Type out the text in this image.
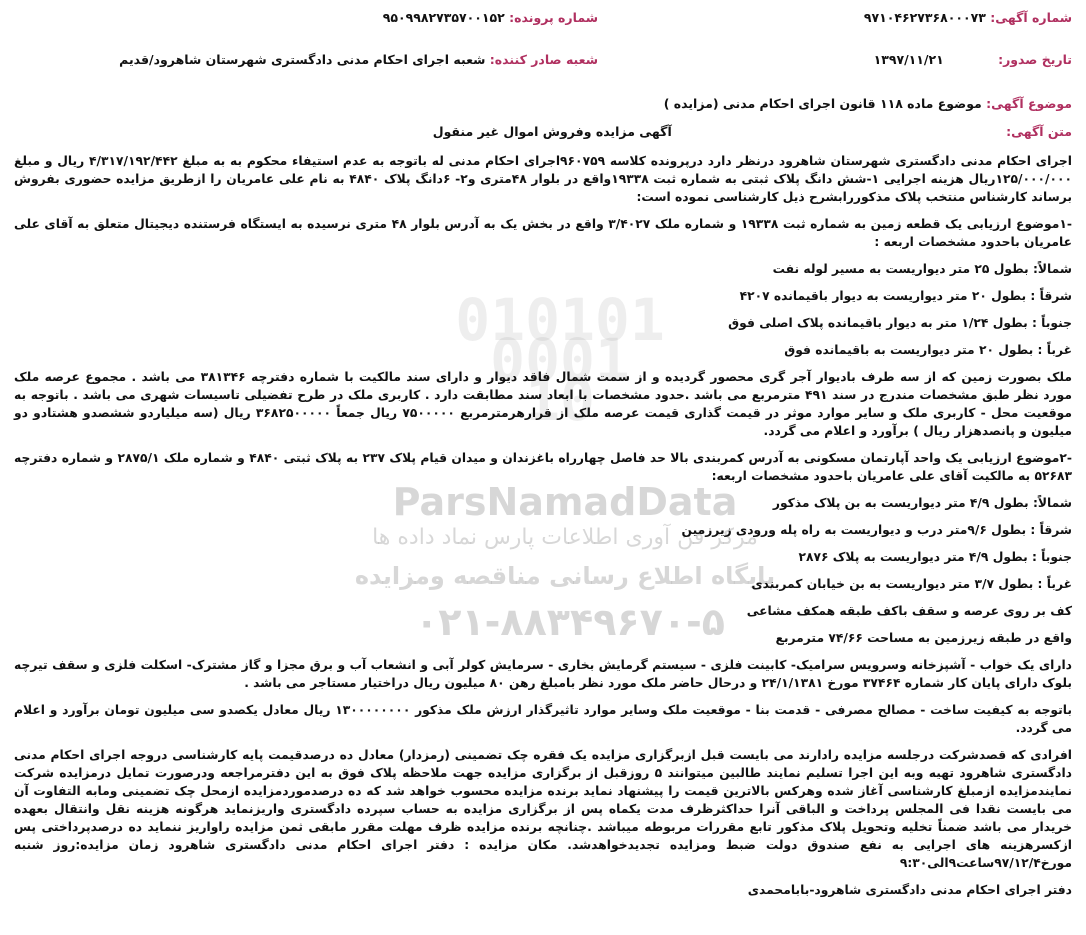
010101
0001
10
ParsNamadData
مرکز فن آوری اطلاعات پارس نماد داده ها
پایگاه اطلاع رسانی مناقصه ومزایده
۰۲۱-۸۸۳۴۹۶۷۰-۵
شماره آگهی: ۹۷۱۰۴۶۲۷۳۶۸۰۰۰۷۳
شماره پرونده: ۹۵۰۹۹۸۲۷۳۵۷۰۰۱۵۲
تاریخ صدور: ۱۳۹۷/۱۱/۲۱
شعبه صادر کننده: شعبه اجرای احکام مدنی دادگستری شهرستان شاهرود/قدیم
موضوع آگهی: موضوع ماده ۱۱۸ قانون اجرای احکام مدنی (مزایده )
متن آگهی: آگهی مزایده وفروش اموال غیر منقول

اجرای احکام مدنی دادگستری شهرستان شاهرود درنظر دارد درپرونده کلاسه ۹۶۰۷۵۹اجرای احکام مدنی له باتوجه به عدم استیفاء محکوم به به مبلغ ۴/۳۱۷/۱۹۲/۴۴۲ ریال و مبلغ ۱۲۵/۰۰۰/۰۰۰ریال هزینه اجرایی ۱-شش دانگ پلاک ثبتی به شماره ثبت ۱۹۳۳۸واقع در بلوار ۴۸متری و۲- ۶دانگ پلاک ۴۸۴۰ به نام علی عامریان را ازطریق مزایده حضوری بفروش برساند کارشناس منتخب پلاک مذکوررابشرح ذیل کارشناسی نموده است:

-۱موضوع ارزیابی یک قطعه زمین به شماره ثبت ۱۹۳۳۸ و شماره ملک ۳/۴۰۲۷ واقع در بخش یک به آدرس بلوار ۴۸ متری نرسیده به ایستگاه فرستنده دیجیتال متعلق به آقای علی عامریان باحدود مشخصات اربعه :

شمالاً: بطول ۲۵ متر دیواریست به مسیر لوله نفت

شرقاً : بطول ۲۰ متر دیواریست به دیوار باقیمانده ۴۲۰۷

جنوباً : بطول ۱/۲۴ متر به دیوار باقیمانده پلاک اصلی فوق

غرباً : بطول ۲۰ متر دیواریست به باقیمانده فوق

ملک بصورت زمین که از سه طرف بادیوار آجر گری محصور گردیده و از سمت شمال فاقد دیوار و دارای سند مالکیت با شماره دفترچه ۳۸۱۳۴۶ می باشد . مجموع عرصه ملک مورد نظر طبق مشخصات مندرج در سند ۴۹۱ مترمربع می باشد .حدود مشخصات با ابعاد سند مطابقت دارد . کاربری ملک در طرح تفضیلی تاسیسات شهری می باشد . باتوجه به موقعیت محل - کاربری ملک و سایر موارد موثر در قیمت گذاری قیمت عرصه ملک از قرارهرمترمربع ۷۵۰۰۰۰۰ ریال جمعاً ۳۶۸۲۵۰۰۰۰۰ ریال (سه میلیاردو ششصدو هشتادو دو میلیون و پانصدهزار ریال ) برآورد و اعلام می گردد.

-۲موضوع ارزیابی یک واحد آپارتمان مسکونی به آدرس کمربندی بالا حد فاصل چهارراه باغزندان و میدان قیام پلاک ۲۳۷ به پلاک ثبتی ۴۸۴۰ و شماره ملک ۲۸۷۵/۱ و شماره دفترچه ۵۲۶۸۳ به مالکیت آقای علی عامریان باحدود مشخصات اربعه:

شمالاً: بطول ۴/۹ متر دیواریست به بن پلاک مذکور

شرقاً : بطول ۹/۶متر درب و دیواریست به راه پله ورودی زیرزمین

جنوباً : بطول ۴/۹ متر دیواریست به پلاک ۲۸۷۶

غرباً : بطول ۳/۷ متر دیواریست به بن خیابان کمربندی

کف بر روی عرصه و سقف باکف طبقه همکف مشاعی

واقع در طبقه زیرزمین به مساحت ۷۴/۶۶ مترمربع

دارای یک خواب - آشپزخانه وسرویس سرامیک- کابینت فلزی - سیستم گرمایش بخاری - سرمایش کولر آبی و انشعاب آب و برق مجزا و گاز مشترک- اسکلت فلزی و سقف تیرچه بلوک دارای پایان کار شماره ۳۷۴۶۴ مورخ ۲۴/۱/۱۳۸۱ و درحال حاضر ملک مورد نظر بامبلغ رهن ۸۰ میلیون ریال دراختیار مستاجر می باشد .

باتوجه به کیفیت ساخت - مصالح مصرفی - قدمت بنا - موقعیت ملک وسایر موارد تاثیرگذار ارزش ملک مذکور ۱۳۰۰۰۰۰۰۰۰ ریال معادل یکصدو سی میلیون تومان برآورد و اعلام می گردد.

افرادی که قصدشرکت درجلسه مزایده رادارند می بایست قبل ازبرگزاری مزایده یک فقره چک تضمینی (رمزدار) معادل ده درصدقیمت پایه کارشناسی دروجه اجرای احکام مدنی دادگستری شاهرود تهیه وبه این اجرا تسلیم نمایند طالبین میتوانند ۵ روزقبل از برگزاری مزایده جهت ملاحظه پلاک فوق به این دفترمراجعه ودرصورت تمایل درمزایده شرکت نمایندمزایده ازمبلغ کارشناسی آغاز شده وهرکس بالاترین قیمت را پیشنهاد نماید برنده مزایده محسوب خواهد شد که ده درصدموردمزایده ازمحل چک تضمینی ومابه التفاوت آن می بایست نقدا فی المجلس پرداخت و الباقی آنرا حداکثرظرف مدت یکماه پس از برگزاری مزایده به حساب سپرده دادگستری واریزنماید هرگونه هزینه نقل وانتقال بعهده خریدار می باشد ضمناً تخلیه وتحویل پلاک مذکور تابع مقررات مربوطه میباشد .چنانچه برنده مزایده ظرف مهلت مقرر مابقی ثمن مزایده راواریز ننماید ده درصدپرداختی پس ازکسرهزینه های اجرایی به نفع صندوق دولت ضبط ومزایده تجدیدخواهدشد. مکان مزایده : دفتر اجرای احکام مدنی دادگستری شاهرود زمان مزایده:روز شنبه مورخ۹۷/۱۲/۴ساعت۹الی۹:۳۰

دفتر اجرای احکام مدنی دادگستری شاهرود-بابامحمدی
